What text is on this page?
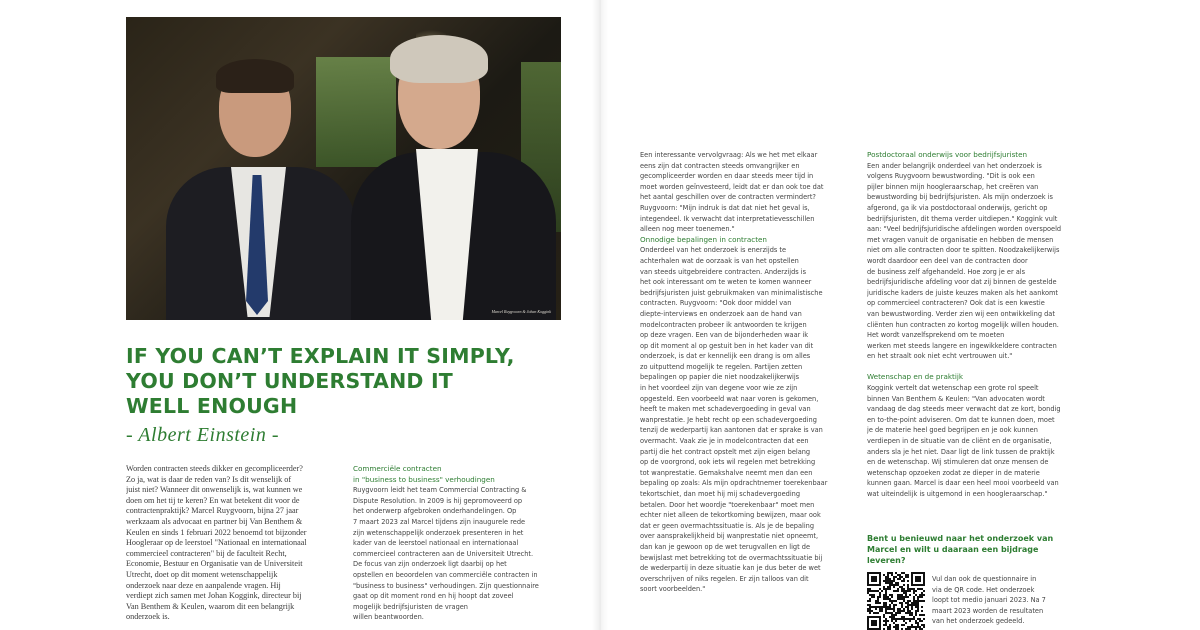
Marcel Ruygvoorn & Johan Koggink
IF YOU CAN’T EXPLAIN IT SIMPLY,
YOU DON’T UNDERSTAND IT
WELL ENOUGH
- Albert Einstein -
Worden contracten steeds dikker en gecompliceerder?
Zo ja, wat is daar de reden van? Is dit wenselijk of
juist niet? Wanneer dit onwenselijk is, wat kunnen we
doen om het tij te keren? En wat betekent dit voor de
contractenpraktijk? Marcel Ruygvoorn, bijna 27 jaar
werkzaam als advocaat en partner bij Van Benthem &
Keulen en sinds 1 februari 2022 benoemd tot bijzonder
Hoogleraar op de leerstoel "Nationaal en internationaal
commercieel contracteren" bij de faculteit Recht,
Economie, Bestuur en Organisatie van de Universiteit
Utrecht, doet op dit moment wetenschappelijk
onderzoek naar deze en aanpalende vragen. Hij
verdiept zich samen met Johan Koggink, directeur bij
Van Benthem & Keulen, waarom dit een belangrijk
onderzoek is.
Commerciële contracten
in "business to business" verhoudingen
Ruygvoorn leidt het team Commercial Contracting &
Dispute Resolution. In 2009 is hij gepromoveerd op
het onderwerp afgebroken onderhandelingen. Op
7 maart 2023 zal Marcel tijdens zijn inaugurele rede
zijn wetenschappelijk onderzoek presenteren in het
kader van de leerstoel nationaal en internationaal
commercieel contracteren aan de Universiteit Utrecht.
De focus van zijn onderzoek ligt daarbij op het
opstellen en beoordelen van commerciële contracten in
"business to business" verhoudingen. Zijn questionnaire
gaat op dit moment rond en hij hoopt dat zoveel
mogelijk bedrijfsjuristen de vragen
willen beantwoorden.
Een interessante vervolgvraag: Als we het met elkaar
eens zijn dat contracten steeds omvangrijker en
gecompliceerder worden en daar steeds meer tijd in
moet worden geïnvesteerd, leidt dat er dan ook toe dat
het aantal geschillen over de contracten vermindert?
Ruygvoorn: "Mijn indruk is dat dat niet het geval is,
integendeel. Ik verwacht dat interpretatievesschillen
alleen nog meer toenemen."
Onnodige bepalingen in contracten
Onderdeel van het onderzoek is enerzijds te
achterhalen wat de oorzaak is van het opstellen
van steeds uitgebreidere contracten. Anderzijds is
het ook interessant om te weten te komen wanneer
bedrijfsjuristen juist gebruikmaken van minimalistische
contracten. Ruygvoorn: "Ook door middel van
diepte-interviews en onderzoek aan de hand van
modelcontracten probeer ik antwoorden te krijgen
op deze vragen. Een van de bijonderheden waar ik
op dit moment al op gestuit ben in het kader van dit
onderzoek, is dat er kennelijk een drang is om alles
zo uitputtend mogelijk te regelen. Partijen zetten
bepalingen op papier die niet noodzakelijkerwijs
in het voordeel zijn van degene voor wie ze zijn
opgesteld. Een voorbeeld wat naar voren is gekomen,
heeft te maken met schadevergoeding in geval van
wanprestatie. Je hebt recht op een schadevergoeding
tenzij de wederpartij kan aantonen dat er sprake is van
overmacht. Vaak zie je in modelcontracten dat een
partij die het contract opstelt met zijn eigen belang
op de voorgrond, ook iets wil regelen met betrekking
tot wanprestatie. Gemakshalve neemt men dan een
bepaling op zoals: Als mijn opdrachtnemer toerekenbaar
tekortschiet, dan moet hij mij schadevergoeding
betalen. Door het woordje "toerekenbaar" moet men
echter niet alleen de tekortkoming bewijzen, maar ook
dat er geen overmachtssituatie is. Als je de bepaling
over aansprakelijkheid bij wanprestatie niet opneemt,
dan kan je gewoon op de wet terugvallen en ligt de
bewijslast met betrekking tot de overmachtssituatie bij
de wederpartij in deze situatie kan je dus beter de wet
overschrijven of niks regelen. Er zijn talloos van dit
soort voorbeelden."
Postdoctoraal onderwijs voor bedrijfsjuristen
Een ander belangrijk onderdeel van het onderzoek is
volgens Ruygvoorn bewustwording. "Dit is ook een
pijler binnen mijn hoogleraarschap, het creëren van
bewustwording bij bedrijfsjuristen. Als mijn onderzoek is
afgerond, ga ik via postdoctoraal onderwijs, gericht op
bedrijfsjuristen, dit thema verder uitdiepen." Koggink vult
aan: "Veel bedrijfsjuridische afdelingen worden overspoeld
met vragen vanuit de organisatie en hebben de mensen
niet om alle contracten door te spitten. Noodzakelijkerwijs
wordt daardoor een deel van de contracten door
de business zelf afgehandeld. Hoe zorg je er als
bedrijfsjuridische afdeling voor dat zij binnen de gestelde
juridische kaders de juiste keuzes maken als het aankomt
op commercieel contracteren? Ook dat is een kwestie
van bewustwording. Verder zien wij een ontwikkeling dat
cliënten hun contracten zo kortog mogelijk willen houden.
Het wordt vanzelfsprekend om te moeten
werken met steeds langere en ingewikkeldere contracten
en het straalt ook niet echt vertrouwen uit."
Wetenschap en de praktijk
Koggink vertelt dat wetenschap een grote rol speelt
binnen Van Benthem & Keulen: "Van advocaten wordt
vandaag de dag steeds meer verwacht dat ze kort, bondig
en to-the-point adviseren. Om dat te kunnen doen, moet
je de materie heel goed begrijpen en je ook kunnen
verdiepen in de situatie van de cliënt en de organisatie,
anders sla je het niet. Daar ligt de link tussen de praktijk
en de wetenschap. Wij stimuleren dat onze mensen de
wetenschap opzoeken zodat ze dieper in de materie
kunnen gaan. Marcel is daar een heel mooi voorbeeld van
wat uiteindelijk is uitgemond in een hoogleraarschap."
Bent u benieuwd naar het onderzoek van
Marcel en wilt u daaraan een bijdrage leveren?
Vul dan ook de questionnaire in
via de QR code. Het onderzoek
loopt tot medio januari 2023. Na 7
maart 2023 worden de resultaten
van het onderzoek gedeeld.
